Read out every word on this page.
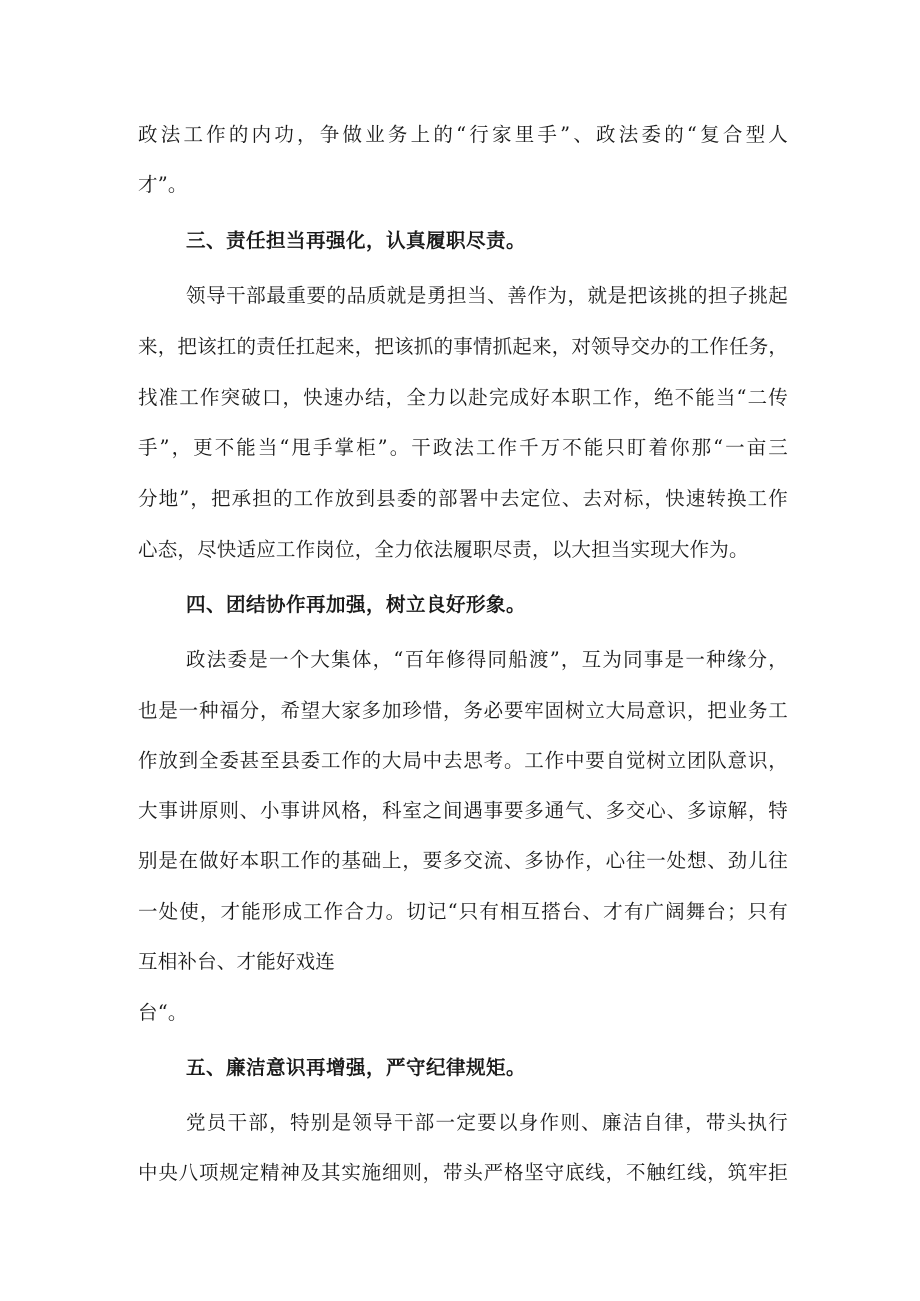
政法工作的内功，争做业务上的“行家里手”、政法委的“复合型人
才”。
三、责任担当再强化，认真履职尽责。
领导干部最重要的品质就是勇担当、善作为，就是把该挑的担子挑起
来，把该扛的责任扛起来，把该抓的事情抓起来，对领导交办的工作任务，
找准工作突破口，快速办结，全力以赴完成好本职工作，绝不能当“二传
手”，更不能当“甩手掌柜”。干政法工作千万不能只盯着你那“一亩三
分地”，把承担的工作放到县委的部署中去定位、去对标，快速转换工作
心态，尽快适应工作岗位，全力依法履职尽责，以大担当实现大作为。
四、团结协作再加强，树立良好形象。
政法委是一个大集体，“百年修得同船渡”，互为同事是一种缘分，
也是一种福分，希望大家多加珍惜，务必要牢固树立大局意识，把业务工
作放到全委甚至县委工作的大局中去思考。工作中要自觉树立团队意识，
大事讲原则、小事讲风格，科室之间遇事要多通气、多交心、多谅解，特
别是在做好本职工作的基础上，要多交流、多协作，心往一处想、劲儿往
一处使，才能形成工作合力。切记“只有相互搭台、才有广阔舞台；只有
互相补台、才能好戏连
台“。
五、廉洁意识再增强，严守纪律规矩。
党员干部，特别是领导干部一定要以身作则、廉洁自律，带头执行
中央八项规定精神及其实施细则，带头严格坚守底线，不触红线，筑牢拒
